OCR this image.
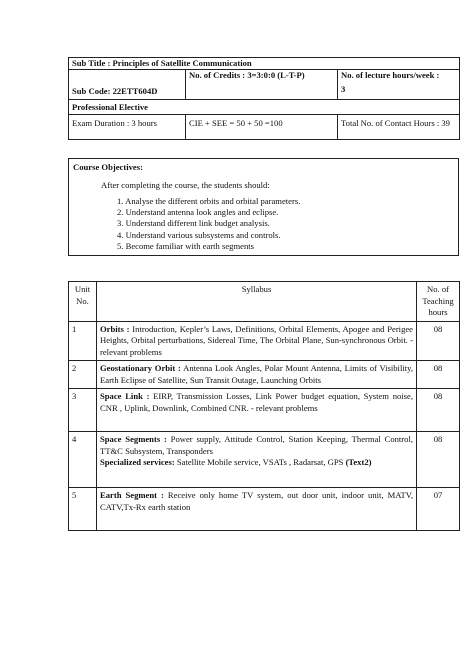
Sub Title : Principles of Satellite Communication		
Sub Code: 22ETT604D	No. of Credits : 3=3:0:0 (L-T-P)	No. of lecture hours/week :
3

Professional Elective		
Exam Duration : 3 hours	CIE + SEE = 50 + 50 =100	Total No. of Contact Hours : 39
Course Objectives:
After completing the course, the students should:
1. Analyse the different orbits and orbital parameters.
2. Understand antenna look angles and eclipse.
3. Understand different link budget analysis.
4. Understand various subsystems and controls.
5. Become familiar with earth segments
Unit No.	Syllabus	No. of Teaching hours
1	Orbits : Introduction, Kepler’s Laws, Definitions, Orbital Elements, Apogee and Perigee Heights, Orbital perturbations, Sidereal Time, The Orbital Plane, Sun-synchronous Orbit. - relevant problems	08
2	Geostationary Orbit : Antenna Look Angles, Polar Mount Antenna, Limits of Visibility, Earth Eclipse of Satellite, Sun Transit Outage, Launching Orbits	08
3	Space Link : EIRP, Transmission Losses, Link Power budget equation, System noise, CNR , Uplink, Downlink, Combined CNR. - relevant problems	08
4	Space Segments : Power supply, Attitude Control, Station Keeping, Thermal Control, TT&C Subsystem, Transponders
Specialized services: Satellite Mobile service, VSATs , Radarsat, GPS (Text2)	08
5	Earth Segment : Receive only home TV system, out door unit, indoor unit, MATV, CATV,Tx-Rx earth station	07
